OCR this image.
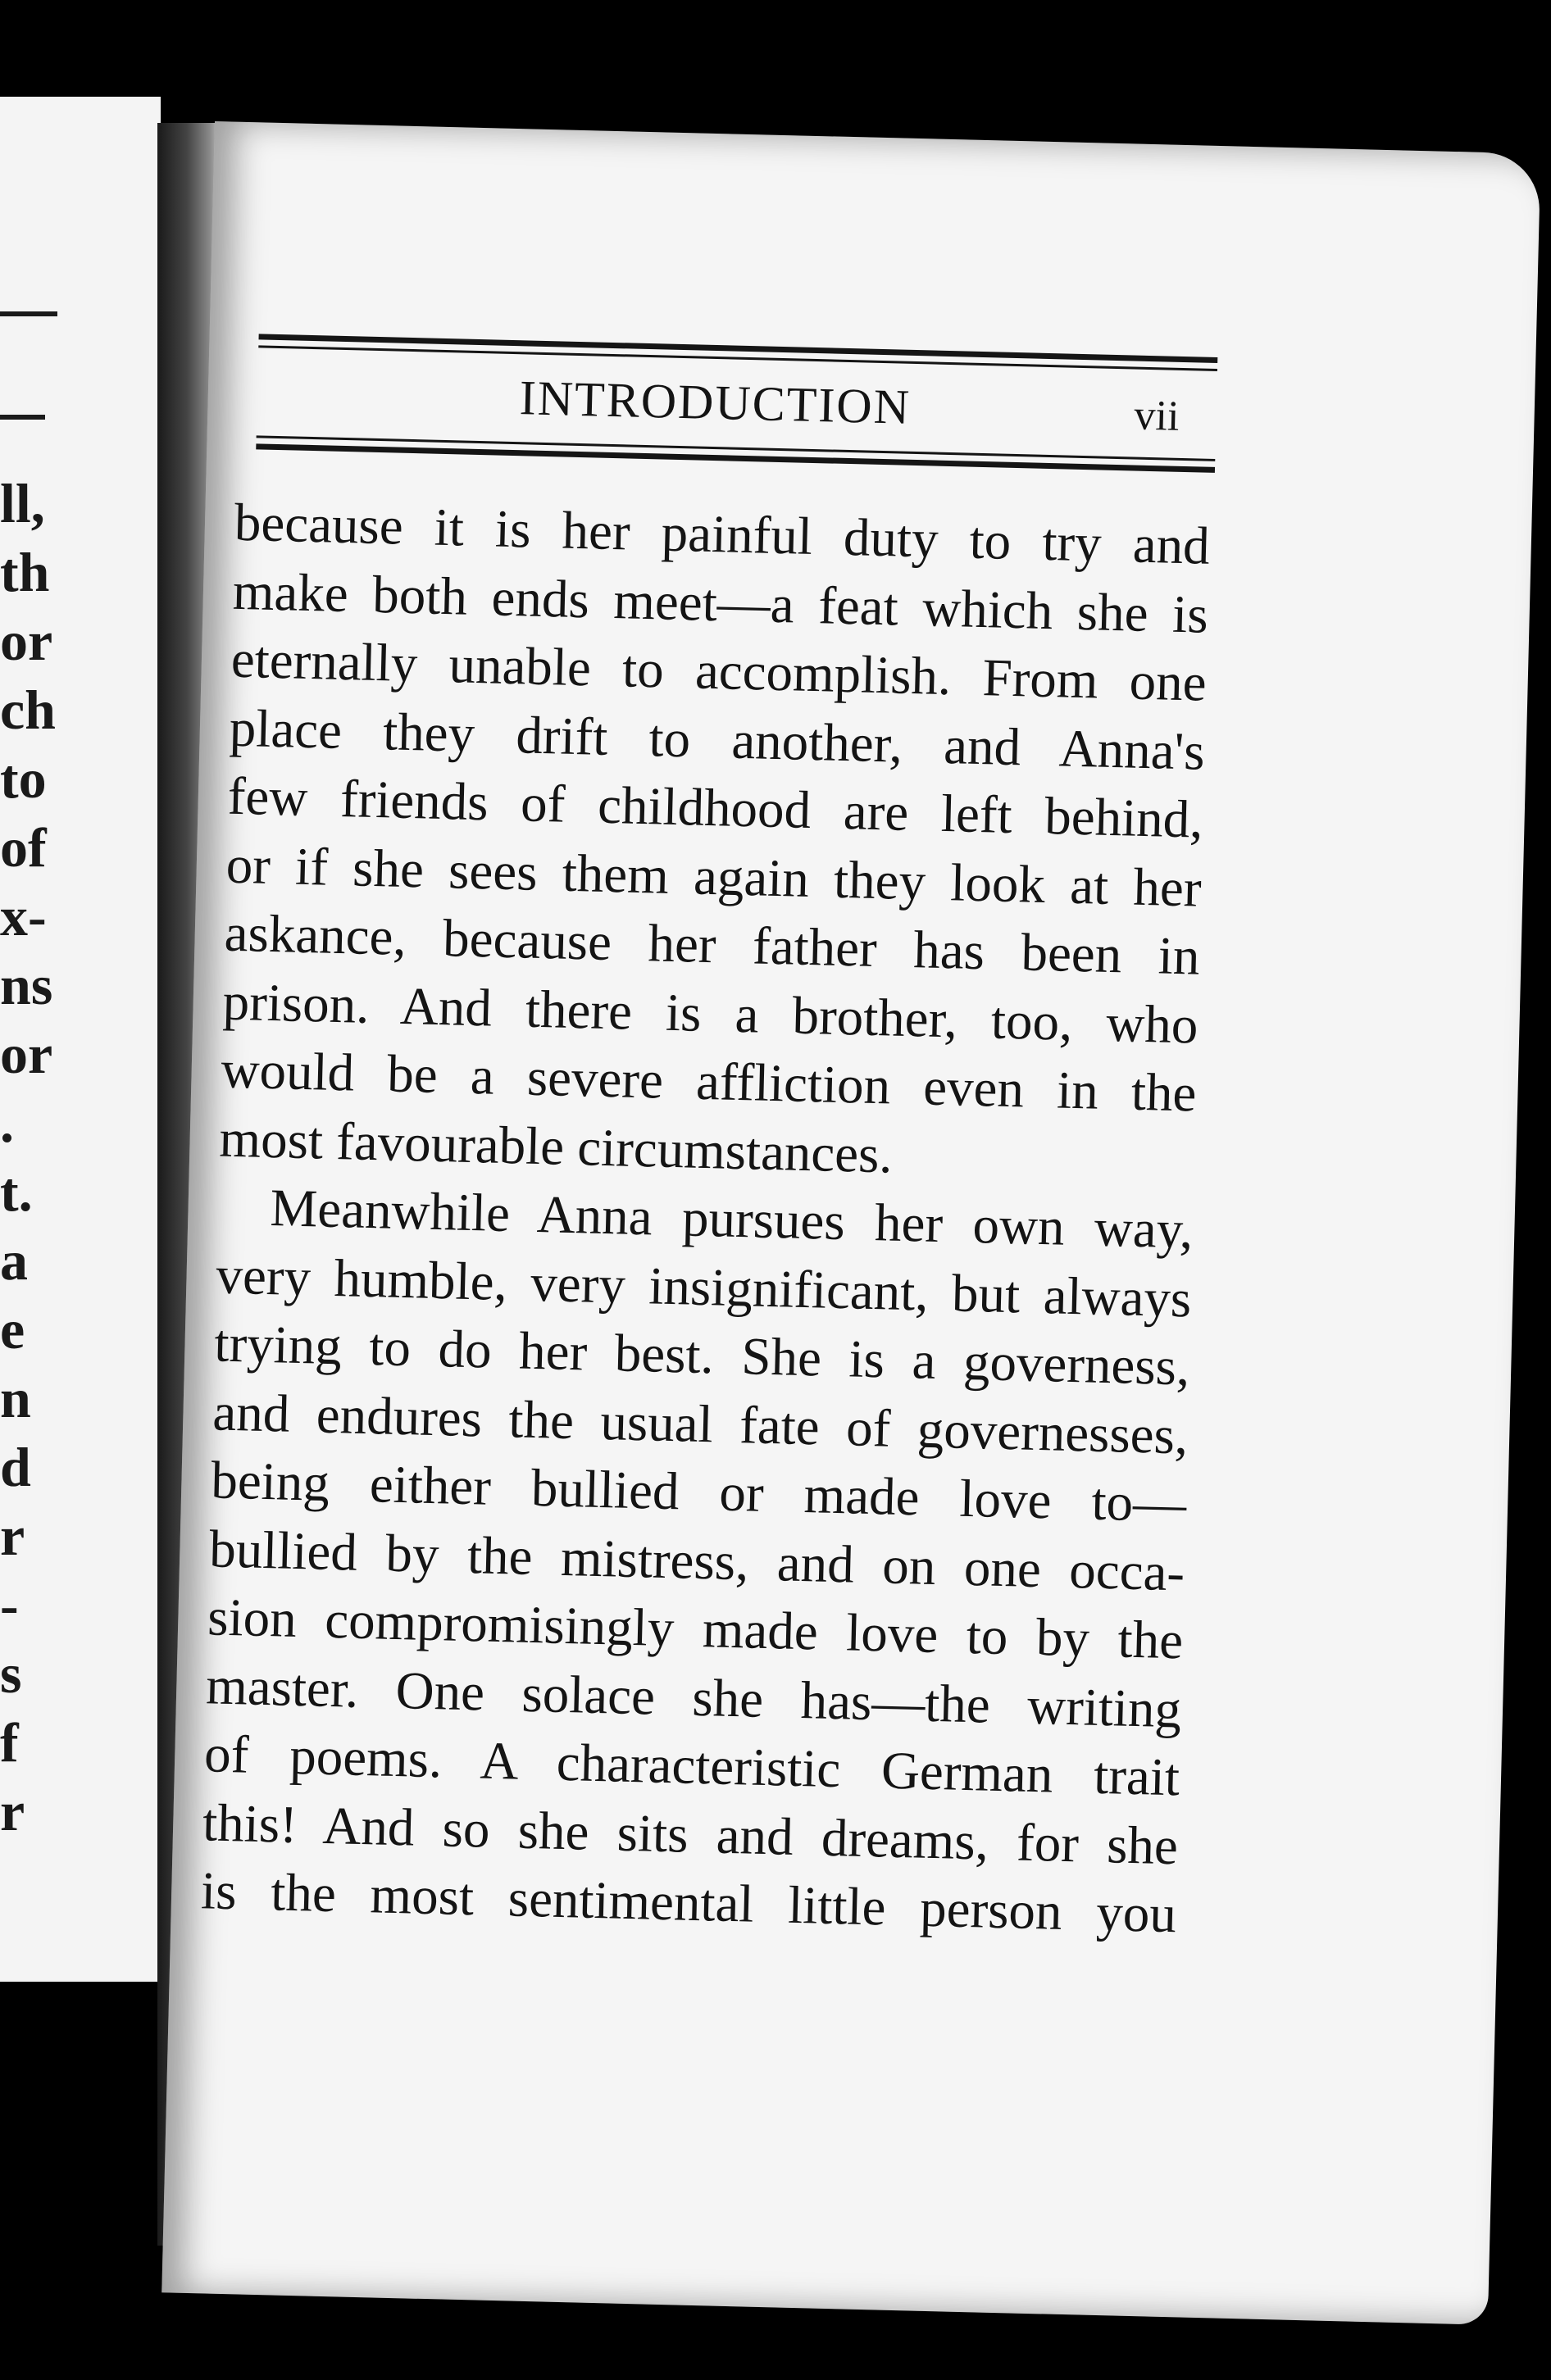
ll,
th
or
ch
to
of
x-
ns
or
.
t.
a
e
n
d
r
-
s
f
r
INTRODUCTION	vii
because it is her painful duty to try and
make both ends meet—a feat which she is
eternally unable to accomplish. From one
place they drift to another, and Anna's
few friends of childhood are left behind,
or if she sees them again they look at her
askance, because her father has been in
prison. And there is a brother, too, who
would be a severe affliction even in the
most favourable circumstances.
Meanwhile Anna pursues her own way,
very humble, very insignificant, but always
trying to do her best. She is a governess,
and endures the usual fate of governesses,
being either bullied or made love to—
bullied by the mistress, and on one occa-
sion compromisingly made love to by the
master. One solace she has—the writing
of poems. A characteristic German trait
this! And so she sits and dreams, for she
is the most sentimental little person you
